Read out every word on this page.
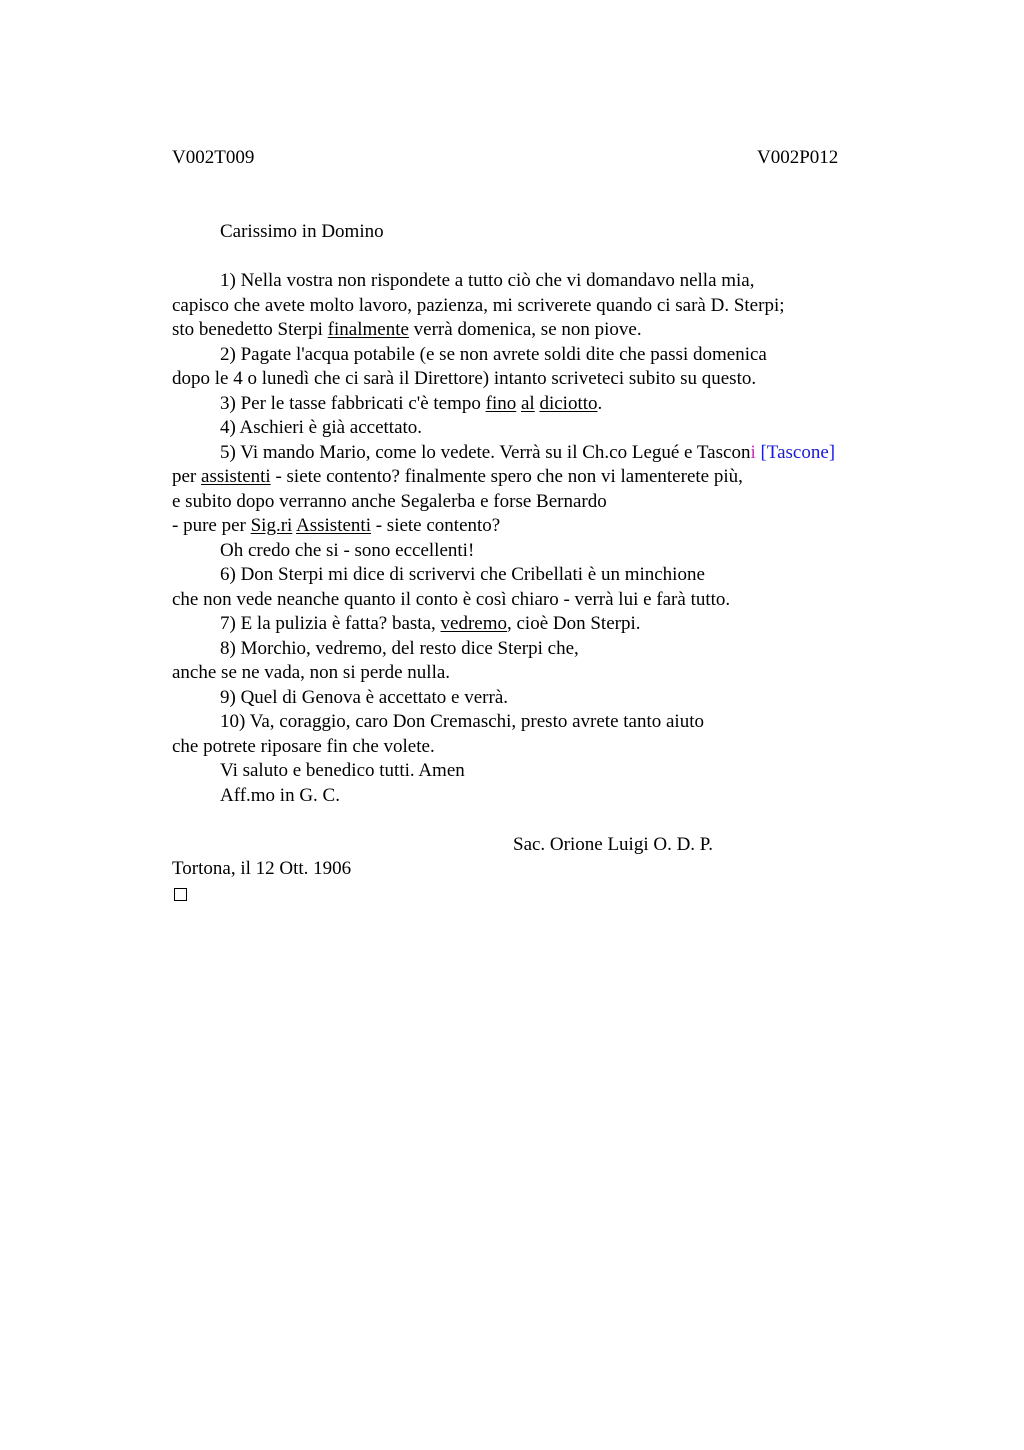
V002T009	V002P012
Carissimo in Domino
1) Nella vostra non rispondete a tutto ciò che vi domandavo nella mia,
capisco che avete molto lavoro, pazienza, mi scriverete quando ci sarà D. Sterpi;
sto benedetto Sterpi finalmente verrà domenica, se non piove.
2) Pagate l'acqua potabile (e se non avrete soldi dite che passi domenica
dopo le 4 o lunedì che ci sarà il Direttore) intanto scriveteci subito su questo.
3) Per le tasse fabbricati c'è tempo fino al diciotto.
4) Aschieri è già accettato.
5) Vi mando Mario, come lo vedete. Verrà su il Ch.co Legué e Tasconi [Tascone]
per assistenti - siete contento? finalmente spero che non vi lamenterete più,
e subito dopo verranno anche Segalerba e forse Bernardo
- pure per Sig.ri Assistenti - siete contento?
Oh credo che si - sono eccellenti!
6) Don Sterpi mi dice di scrivervi che Cribellati è un minchione
che non vede neanche quanto il conto è così chiaro - verrà lui e farà tutto.
7) E la pulizia è fatta? basta, vedremo, cioè Don Sterpi.
8) Morchio, vedremo, del resto dice Sterpi che,
anche se ne vada, non si perde nulla.
9) Quel di Genova è accettato e verrà.
10) Va, coraggio, caro Don Cremaschi, presto avrete tanto aiuto
che potrete riposare fin che volete.
Vi saluto e benedico tutti. Amen
Aff.mo in G. C.
Sac. Orione Luigi O. D. P.
Tortona, il 12 Ott. 1906
